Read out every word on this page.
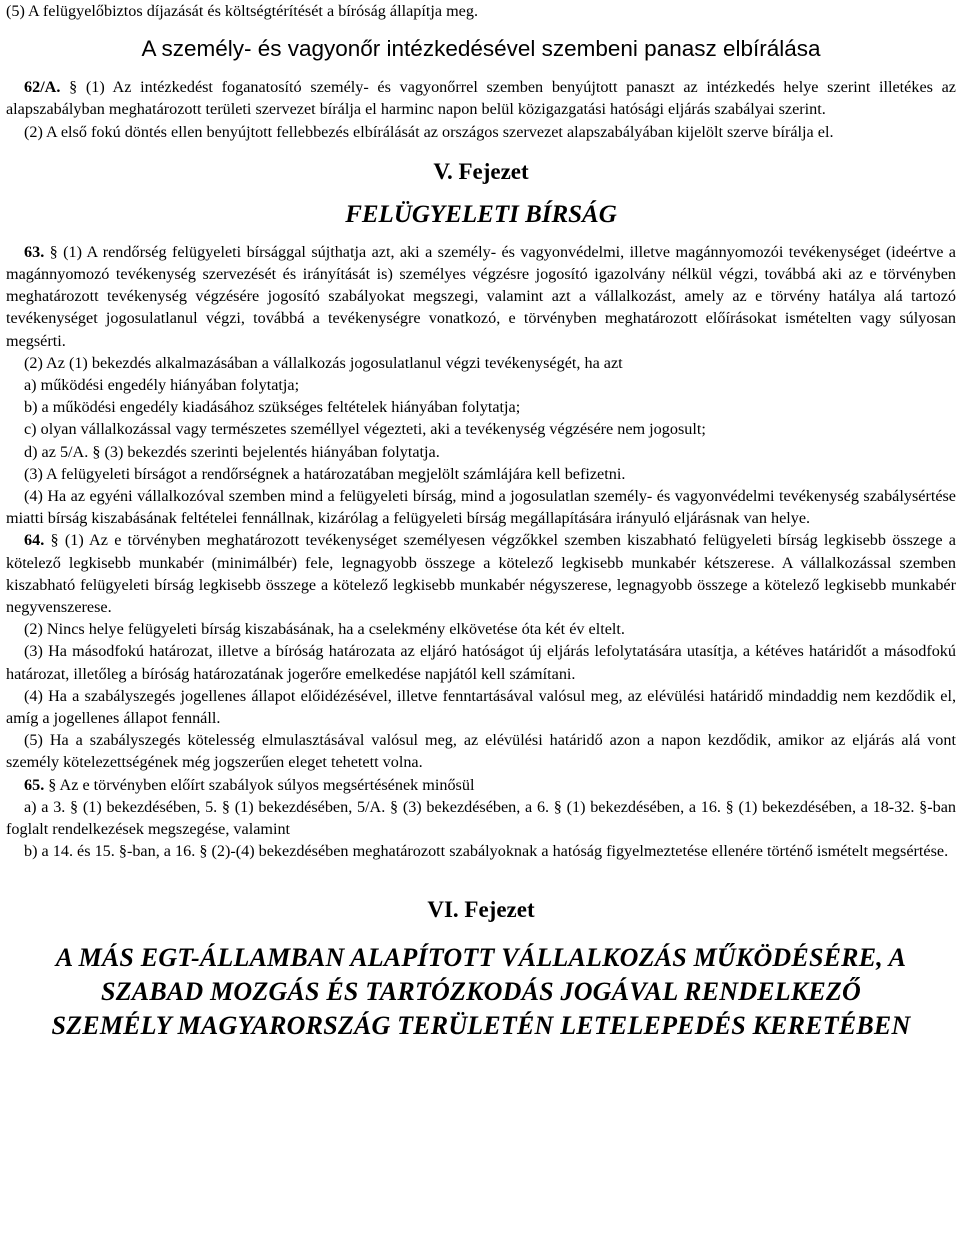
(5) A felügyelőbiztos díjazását és költségtérítését a bíróság állapítja meg.

A személy- és vagyonőr intézkedésével szembeni panasz elbírálása

62/A. § (1) Az intézkedést foganatosító személy- és vagyonőrrel szemben benyújtott panaszt az intézkedés helye szerint illetékes az alapszabályban meghatározott területi szervezet bírálja el harminc napon belül közigazgatási hatósági eljárás szabályai szerint.

(2) A első fokú döntés ellen benyújtott fellebbezés elbírálását az országos szervezet alapszabályában kijelölt szerve bírálja el.

V. Fejezet
FELÜGYELETI BÍRSÁG

63. § (1) A rendőrség felügyeleti bírsággal sújthatja azt, aki a személy- és vagyonvédelmi, illetve magánnyomozói tevékenységet (ideértve a magánnyomozó tevékenység szervezését és irányítását is) személyes végzésre jogosító igazolvány nélkül végzi, továbbá aki az e törvényben meghatározott tevékenység végzésére jogosító szabályokat megszegi, valamint azt a vállalkozást, amely az e törvény hatálya alá tartozó tevékenységet jogosulatlanul végzi, továbbá a tevékenységre vonatkozó, e törvényben meghatározott előírásokat ismételten vagy súlyosan megsérti.

(2) Az (1) bekezdés alkalmazásában a vállalkozás jogosulatlanul végzi tevékenységét, ha azt

a) működési engedély hiányában folytatja;

b) a működési engedély kiadásához szükséges feltételek hiányában folytatja;

c) olyan vállalkozással vagy természetes személlyel végezteti, aki a tevékenység végzésére nem jogosult;

d) az 5/A. § (3) bekezdés szerinti bejelentés hiányában folytatja.

(3) A felügyeleti bírságot a rendőrségnek a határozatában megjelölt számlájára kell befizetni.

(4) Ha az egyéni vállalkozóval szemben mind a felügyeleti bírság, mind a jogosulatlan személy- és vagyonvédelmi tevékenység szabálysértése miatti bírság kiszabásának feltételei fennállnak, kizárólag a felügyeleti bírság megállapítására irányuló eljárásnak van helye.

64. § (1) Az e törvényben meghatározott tevékenységet személyesen végzőkkel szemben kiszabható felügyeleti bírság legkisebb összege a kötelező legkisebb munkabér (minimálbér) fele, legnagyobb összege a kötelező legkisebb munkabér kétszerese. A vállalkozással szemben kiszabható felügyeleti bírság legkisebb összege a kötelező legkisebb munkabér négyszerese, legnagyobb összege a kötelező legkisebb munkabér negyvenszerese.

(2) Nincs helye felügyeleti bírság kiszabásának, ha a cselekmény elkövetése óta két év eltelt.

(3) Ha másodfokú határozat, illetve a bíróság határozata az eljáró hatóságot új eljárás lefolytatására utasítja, a kétéves határidőt a másodfokú határozat, illetőleg a bíróság határozatának jogerőre emelkedése napjától kell számítani.

(4) Ha a szabályszegés jogellenes állapot előidézésével, illetve fenntartásával valósul meg, az elévülési határidő mindaddig nem kezdődik el, amíg a jogellenes állapot fennáll.

(5) Ha a szabályszegés kötelesség elmulasztásával valósul meg, az elévülési határidő azon a napon kezdődik, amikor az eljárás alá vont személy kötelezettségének még jogszerűen eleget tehetett volna.

65. § Az e törvényben előírt szabályok súlyos megsértésének minősül

a) a 3. § (1) bekezdésében, 5. § (1) bekezdésében, 5/A. § (3) bekezdésében, a 6. § (1) bekezdésében, a 16. § (1) bekezdésében, a 18-32. §-ban foglalt rendelkezések megszegése, valamint

b) a 14. és 15. §-ban, a 16. § (2)-(4) bekezdésében meghatározott szabályoknak a hatóság figyelmeztetése ellenére történő ismételt megsértése.

VI. Fejezet
A MÁS EGT-ÁLLAMBAN ALAPÍTOTT VÁLLALKOZÁS MŰKÖDÉSÉRE, A
SZABAD MOZGÁS ÉS TARTÓZKODÁS JOGÁVAL RENDELKEZŐ
SZEMÉLY MAGYARORSZÁG TERÜLETÉN LETELEPEDÉS KERETÉBEN
